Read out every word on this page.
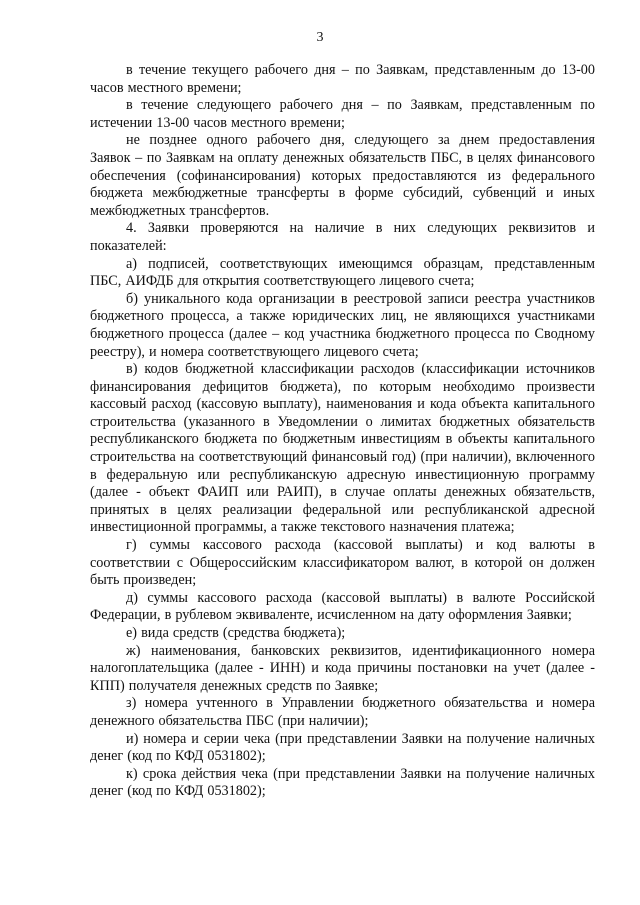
3

в течение текущего рабочего дня – по Заявкам, представленным до 13-00 часов местного времени;

в течение следующего рабочего дня – по Заявкам, представленным по истечении 13-00 часов местного времени;

не позднее одного рабочего дня, следующего за днем предоставления Заявок – по Заявкам на оплату денежных обязательств ПБС, в целях финансового обеспечения (софинансирования) которых предоставляются из федерального бюджета межбюджетные трансферты в форме субсидий, субвенций и иных межбюджетных трансфертов.

4. Заявки проверяются на наличие в них следующих реквизитов и показателей:

а) подписей, соответствующих имеющимся образцам, представленным ПБС, АИФДБ для открытия соответствующего лицевого счета;

б) уникального кода организации в реестровой записи реестра участников бюджетного процесса, а также юридических лиц, не являющихся участниками бюджетного процесса (далее – код участника бюджетного процесса по Сводному реестру), и номера соответствующего лицевого счета;

в) кодов бюджетной классификации расходов (классификации источников финансирования дефицитов бюджета), по которым необходимо произвести кассовый расход (кассовую выплату), наименования и кода объекта капитального строительства (указанного в Уведомлении о лимитах бюджетных обязательств республиканского бюджета по бюджетным инвестициям в объекты капитального строительства на соответствующий финансовый год) (при наличии), включенного в федеральную или республиканскую адресную инвестиционную программу (далее - объект ФАИП или РАИП), в случае оплаты денежных обязательств, принятых в целях реализации федеральной или республиканской адресной инвестиционной программы, а также текстового назначения платежа;

г) суммы кассового расхода (кассовой выплаты) и код валюты в соответствии с Общероссийским классификатором валют, в которой он должен быть произведен;

д) суммы кассового расхода (кассовой выплаты) в валюте Российской Федерации, в рублевом эквиваленте, исчисленном на дату оформления Заявки;

е) вида средств (средства бюджета);

ж) наименования, банковских реквизитов, идентификационного номера налогоплательщика (далее - ИНН) и кода причины постановки на учет (далее - КПП) получателя денежных средств по Заявке;

з) номера учтенного в Управлении бюджетного обязательства и номера денежного обязательства ПБС (при наличии);

и) номера и серии чека (при представлении Заявки на получение наличных денег (код по КФД 0531802);

к) срока действия чека (при представлении Заявки на получение наличных денег (код по КФД 0531802);
